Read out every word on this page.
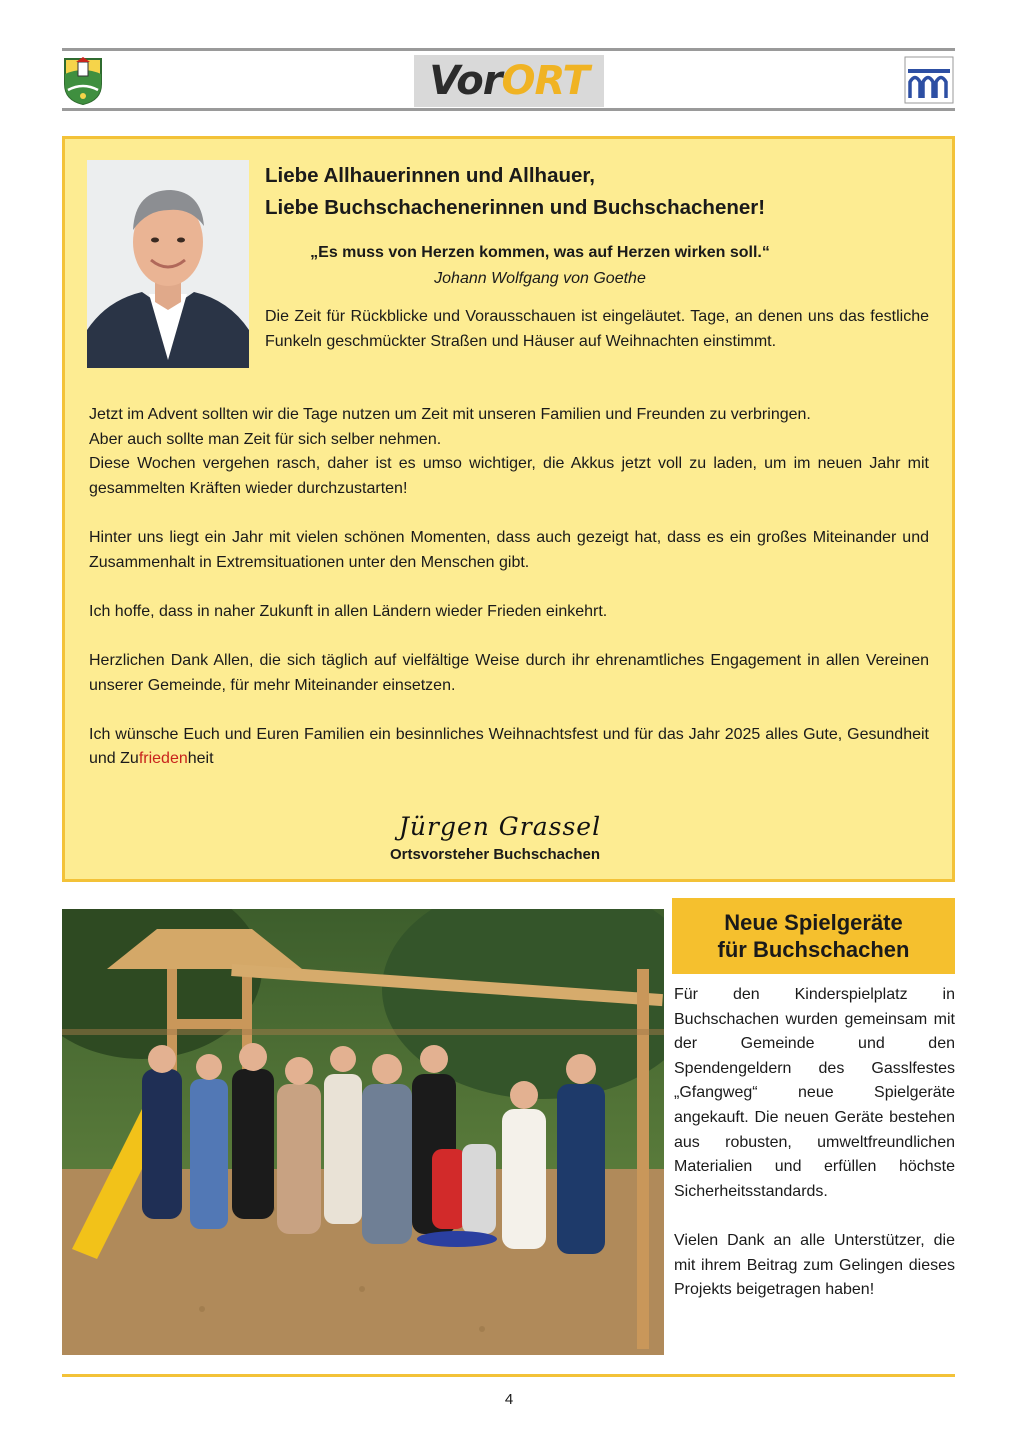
Vor ORT
Liebe Allhauerinnen und Allhauer,
Liebe Buchschachenerinnen und Buchschachener!
„Es muss von Herzen kommen, was auf Herzen wirken soll.“
Johann Wolfgang von Goethe
Die Zeit für Rückblicke und Vorausschauen ist eingeläutet. Tage, an denen uns das festliche Funkeln geschmückter Straßen und Häuser auf Weihnachten einstimmt.

Jetzt im Advent sollten wir die Tage nutzen um Zeit mit unseren Familien und Freunden zu verbringen.

Aber auch sollte man Zeit für sich selber nehmen.

Diese Wochen vergehen rasch, daher ist es umso wichtiger, die Akkus jetzt voll zu laden, um im neuen Jahr mit gesammelten Kräften wieder durchzustarten!

Hinter uns liegt ein Jahr mit vielen schönen Momenten, dass auch gezeigt hat, dass es ein großes Miteinander und Zusammenhalt in Extremsituationen unter den Menschen gibt.

Ich hoffe, dass in naher Zukunft in allen Ländern wieder Frieden einkehrt.

Herzlichen Dank Allen, die sich täglich auf vielfältige Weise durch ihr ehrenamtliches Engagement in allen Vereinen unserer Gemeinde, für mehr Miteinander einsetzen.

Ich wünsche Euch und Euren Familien ein besinnliches Weihnachtsfest und für das Jahr 2025 alles Gute, Gesundheit und Zufriedenheit

Jürgen Grassel
Ortsvorsteher Buchschachen
Neue Spielgeräte
für Buchschachen

Für den Kinderspielplatz in Buchschachen wurden gemeinsam mit der Gemeinde und den Spendengeldern des Gasslfestes „Gfangweg“ neue Spielgeräte angekauft. Die neuen Geräte bestehen aus robusten, umweltfreundlichen Materialien und erfüllen höchste Sicherheitsstandards.

Vielen Dank an alle Unterstützer, die mit ihrem Beitrag zum Gelingen dieses Projekts beigetragen haben!

4
